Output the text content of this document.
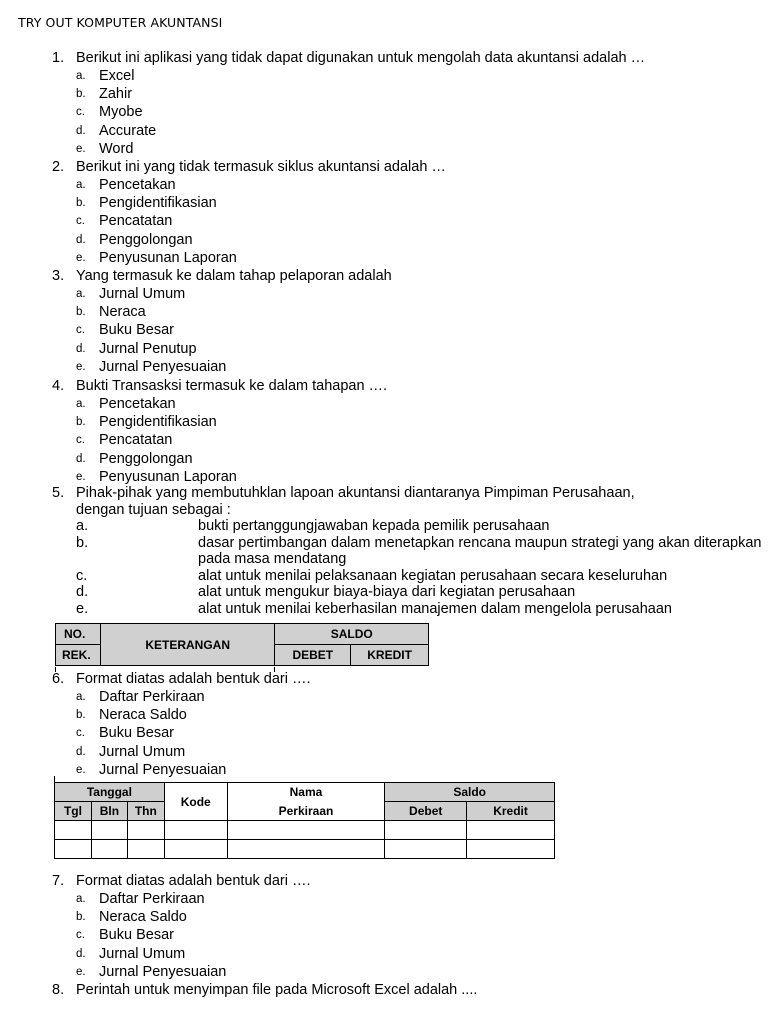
TRY OUT KOMPUTER AKUNTANSI
1. Berikut ini aplikasi yang tidak dapat digunakan untuk mengolah data akuntansi adalah …
a. Excel
b. Zahir
c. Myobe
d. Accurate
e. Word
2. Berikut ini yang tidak termasuk siklus akuntansi adalah …
a. Pencetakan
b. Pengidentifikasian
c. Pencatatan
d. Penggolongan
e. Penyusunan Laporan
3. Yang termasuk ke dalam tahap pelaporan adalah
a. Jurnal Umum
b. Neraca
c. Buku Besar
d. Jurnal Penutup
e. Jurnal Penyesuaian
4. Bukti Transasksi termasuk ke dalam tahapan ….
a. Pencetakan
b. Pengidentifikasian
c. Pencatatan
d. Penggolongan
e. Penyusunan Laporan
5. Pihak-pihak yang membutuhklan lapoan akuntansi diantaranya Pimpiman Perusahaan, dengan tujuan sebagai :
a.	bukti pertanggungjawaban kepada pemilik perusahaan
b.	dasar pertimbangan dalam menetapkan rencana maupun strategi yang akan diterapkan pada masa mendatang
c.	alat untuk menilai pelaksanaan kegiatan perusahaan secara keseluruhan
d.	alat untuk mengukur biaya-biaya dari kegiatan perusahaan
e.	alat untuk menilai keberhasilan manajemen dalam mengelola perusahaan
NO.	KETERANGAN	SALDO	
REK.		DEBET	KREDIT
6. Format diatas adalah bentuk dari ….
a. Daftar Perkiraan
b. Neraca Saldo
c. Buku Besar
d. Jurnal Umum
e. Jurnal Penyesuaian
Tanggal			Kode	Nama	Saldo	
Tgl	Bln	Thn		Perkiraan	Debet	Kredit

7. Format diatas adalah bentuk dari ….
a. Daftar Perkiraan
b. Neraca Saldo
c. Buku Besar
d. Jurnal Umum
e. Jurnal Penyesuaian
8. Perintah untuk menyimpan file pada Microsoft Excel adalah ....
